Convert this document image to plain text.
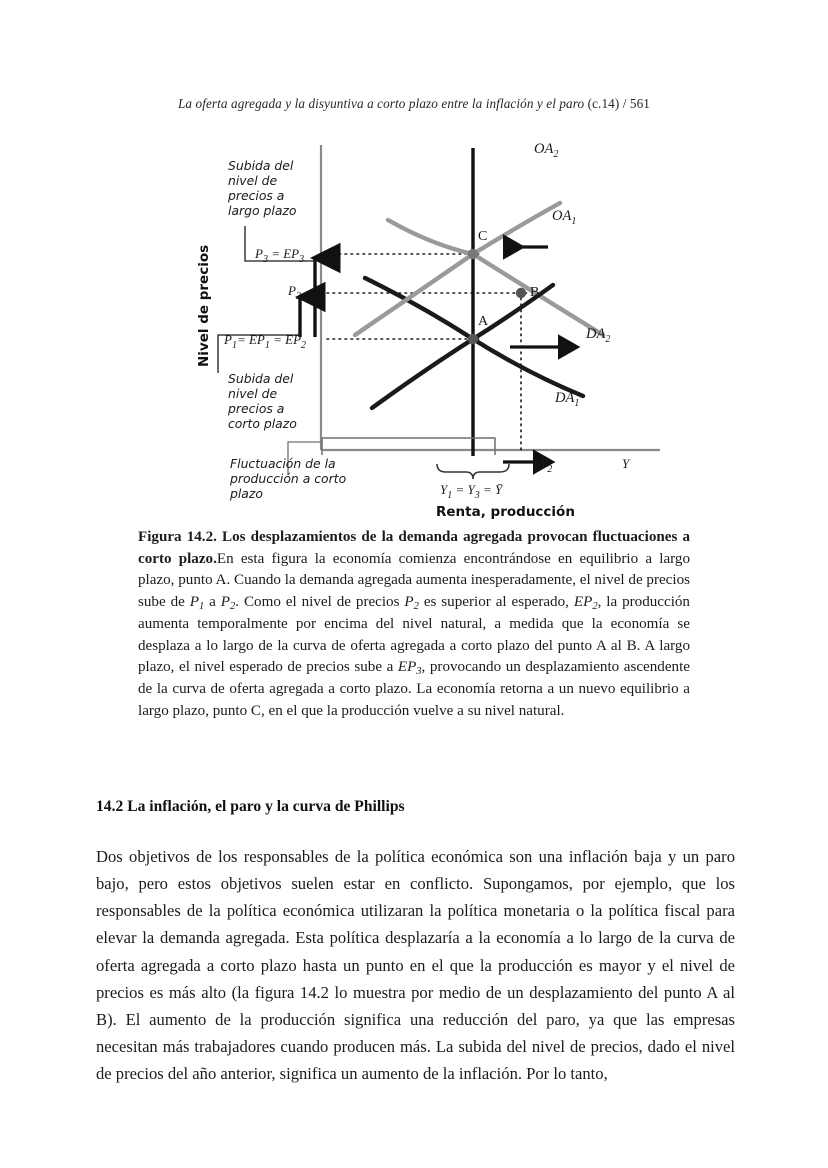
La oferta agregada y la disyuntiva a corto plazo entre la inflación y el paro (c.14) / 561
A
B
C
$OA_2$
$OA_1$
$DA_2$
$DA_1$
$P_3 = EP_3$
$P_2$
$P_1= EP_1 = EP_2$
Subida del nivel de precios a largo plazo
Subida del nivel de precios a corto plazo
Nivel de precios
Fluctuación de la producción a corto plazo	$Y_1 = Y_3$ = Ȳ
$Y_2$	Y
Renta, producción
Figura 14.2. Los desplazamientos de la demanda agregada provocan fluctuaciones a corto plazo.En esta figura la economía comienza encontrándose en equilibrio a largo plazo, punto A. Cuando la demanda agregada aumenta inesperadamente, el nivel de precios sube de P1 a P2. Como el nivel de precios P2 es superior al esperado, EP2, la producción aumenta temporalmente por encima del nivel natural, a medida que la economía se desplaza a lo largo de la curva de oferta agregada a corto plazo del punto A al B. A largo plazo, el nivel esperado de precios sube a EP3, provocando un desplazamiento ascendente de la curva de oferta agregada a corto plazo. La economía retorna a un nuevo equilibrio a largo plazo, punto C, en el que la producción vuelve a su nivel natural.
14.2 La inflación, el paro y la curva de Phillips

Dos objetivos de los responsables de la política económica son una inflación baja y un paro bajo, pero estos objetivos suelen estar en conflicto. Supongamos, por ejemplo, que los responsables de la política económica utilizaran la política monetaria o la política fiscal para elevar la demanda agregada. Esta política desplazaría a la economía a lo largo de la curva de oferta agregada a corto plazo hasta un punto en el que la producción es mayor y el nivel de precios es más alto (la figura 14.2 lo muestra por medio de un desplazamiento del punto A al B). El aumento de la producción significa una reducción del paro, ya que las empresas necesitan más trabajadores cuando producen más. La subida del nivel de precios, dado el nivel de precios del año anterior, significa un aumento de la inflación. Por lo tanto,
